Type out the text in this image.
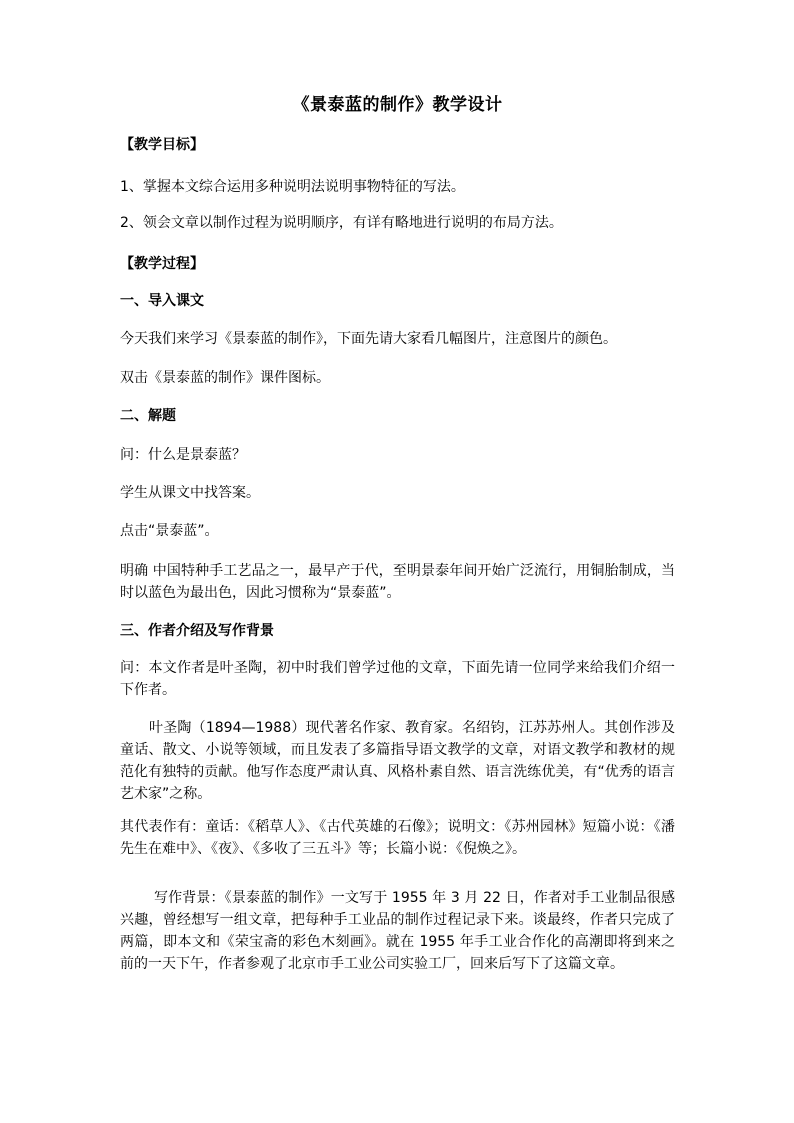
《景泰蓝的制作》教学设计
【教学目标】
1、掌握本文综合运用多种说明法说明事物特征的写法。
2、领会文章以制作过程为说明顺序，有详有略地进行说明的布局方法。
【教学过程】
一、导入课文
今天我们来学习《景泰蓝的制作》，下面先请大家看几幅图片，注意图片的颜色。
双击《景泰蓝的制作》课件图标。
二、解题
问：什么是景泰蓝？
学生从课文中找答案。
点击“景泰蓝”。
明确 中国特种手工艺品之一，最早产于代，至明景泰年间开始广泛流行，用铜胎制成，当时以蓝色为最出色，因此习惯称为“景泰蓝”。
三、作者介绍及写作背景
问：本文作者是叶圣陶，初中时我们曾学过他的文章，下面先请一位同学来给我们介绍一下作者。
叶圣陶（1894—1988）现代著名作家、教育家。名绍钧，江苏苏州人。其创作涉及童话、散文、小说等领域，而且发表了多篇指导语文教学的文章，对语文教学和教材的规范化有独特的贡献。他写作态度严肃认真、风格朴素自然、语言洗练优美，有“优秀的语言艺术家”之称。
其代表作有：童话：《稻草人》、《古代英雄的石像》；说明文：《苏州园林》短篇小说：《潘先生在难中》、《夜》、《多收了三五斗》等；长篇小说：《倪焕之》。
写作背景：《景泰蓝的制作》一文写于 1955 年 3 月 22 日，作者对手工业制品很感兴趣，曾经想写一组文章，把每种手工业品的制作过程记录下来。谈最终，作者只完成了两篇，即本文和《荣宝斋的彩色木刻画》。就在 1955 年手工业合作化的高潮即将到来之前的一天下午，作者参观了北京市手工业公司实验工厂，回来后写下了这篇文章。
